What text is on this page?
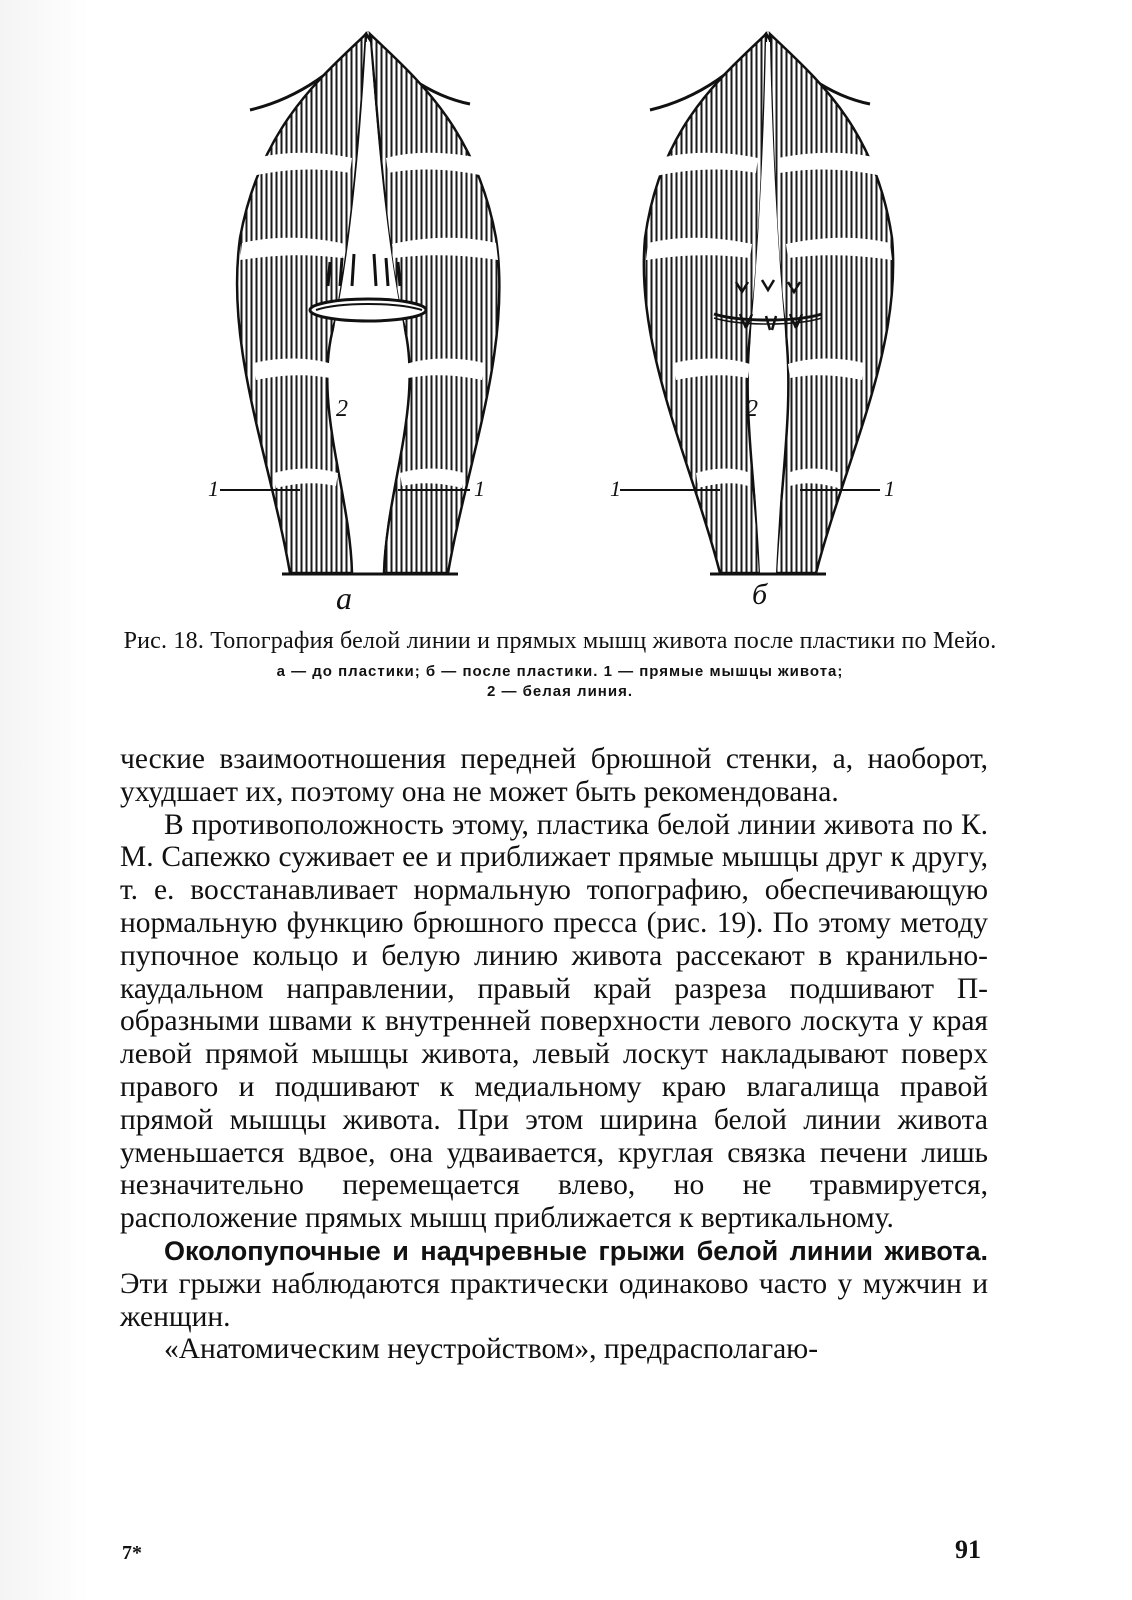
2
1	1
а
2
1	1
б
Рис. 18. Топография белой линии и прямых мышц живота после пластики по Мейо.
а — до пластики; б — после пластики. 1 — прямые мышцы живота;
2 — белая линия.

ческие взаимоотношения передней брюшной стенки, а, наоборот, ухудшает их, поэтому она не может быть рекомендована.

В противоположность этому, пластика белой линии живота по К. М. Сапежко суживает ее и приближает прямые мышцы друг к другу, т. е. восстанавливает нормальную топографию, обеспечивающую нормальную функцию брюшного пресса (рис. 19). По этому методу пупочное кольцо и белую линию живота рассекают в кранильно-каудальном направлении, правый край разреза подшивают П-образными швами к внутренней поверхности левого лоскута у края левой прямой мышцы живота, левый лоскут накладывают поверх правого и подшивают к медиальному краю влагалища правой прямой мышцы живота. При этом ширина белой линии живота уменьшается вдвое, она удваивается, круглая связка печени лишь незначительно перемещается влево, но не травмируется, расположение прямых мышц приближается к вертикальному.

Околопупочные и надчревные грыжи белой линии живота. Эти грыжи наблюдаются практически одинаково часто у мужчин и женщин.

«Анатомическим неустройством», предрасполагаю-

7*	91
